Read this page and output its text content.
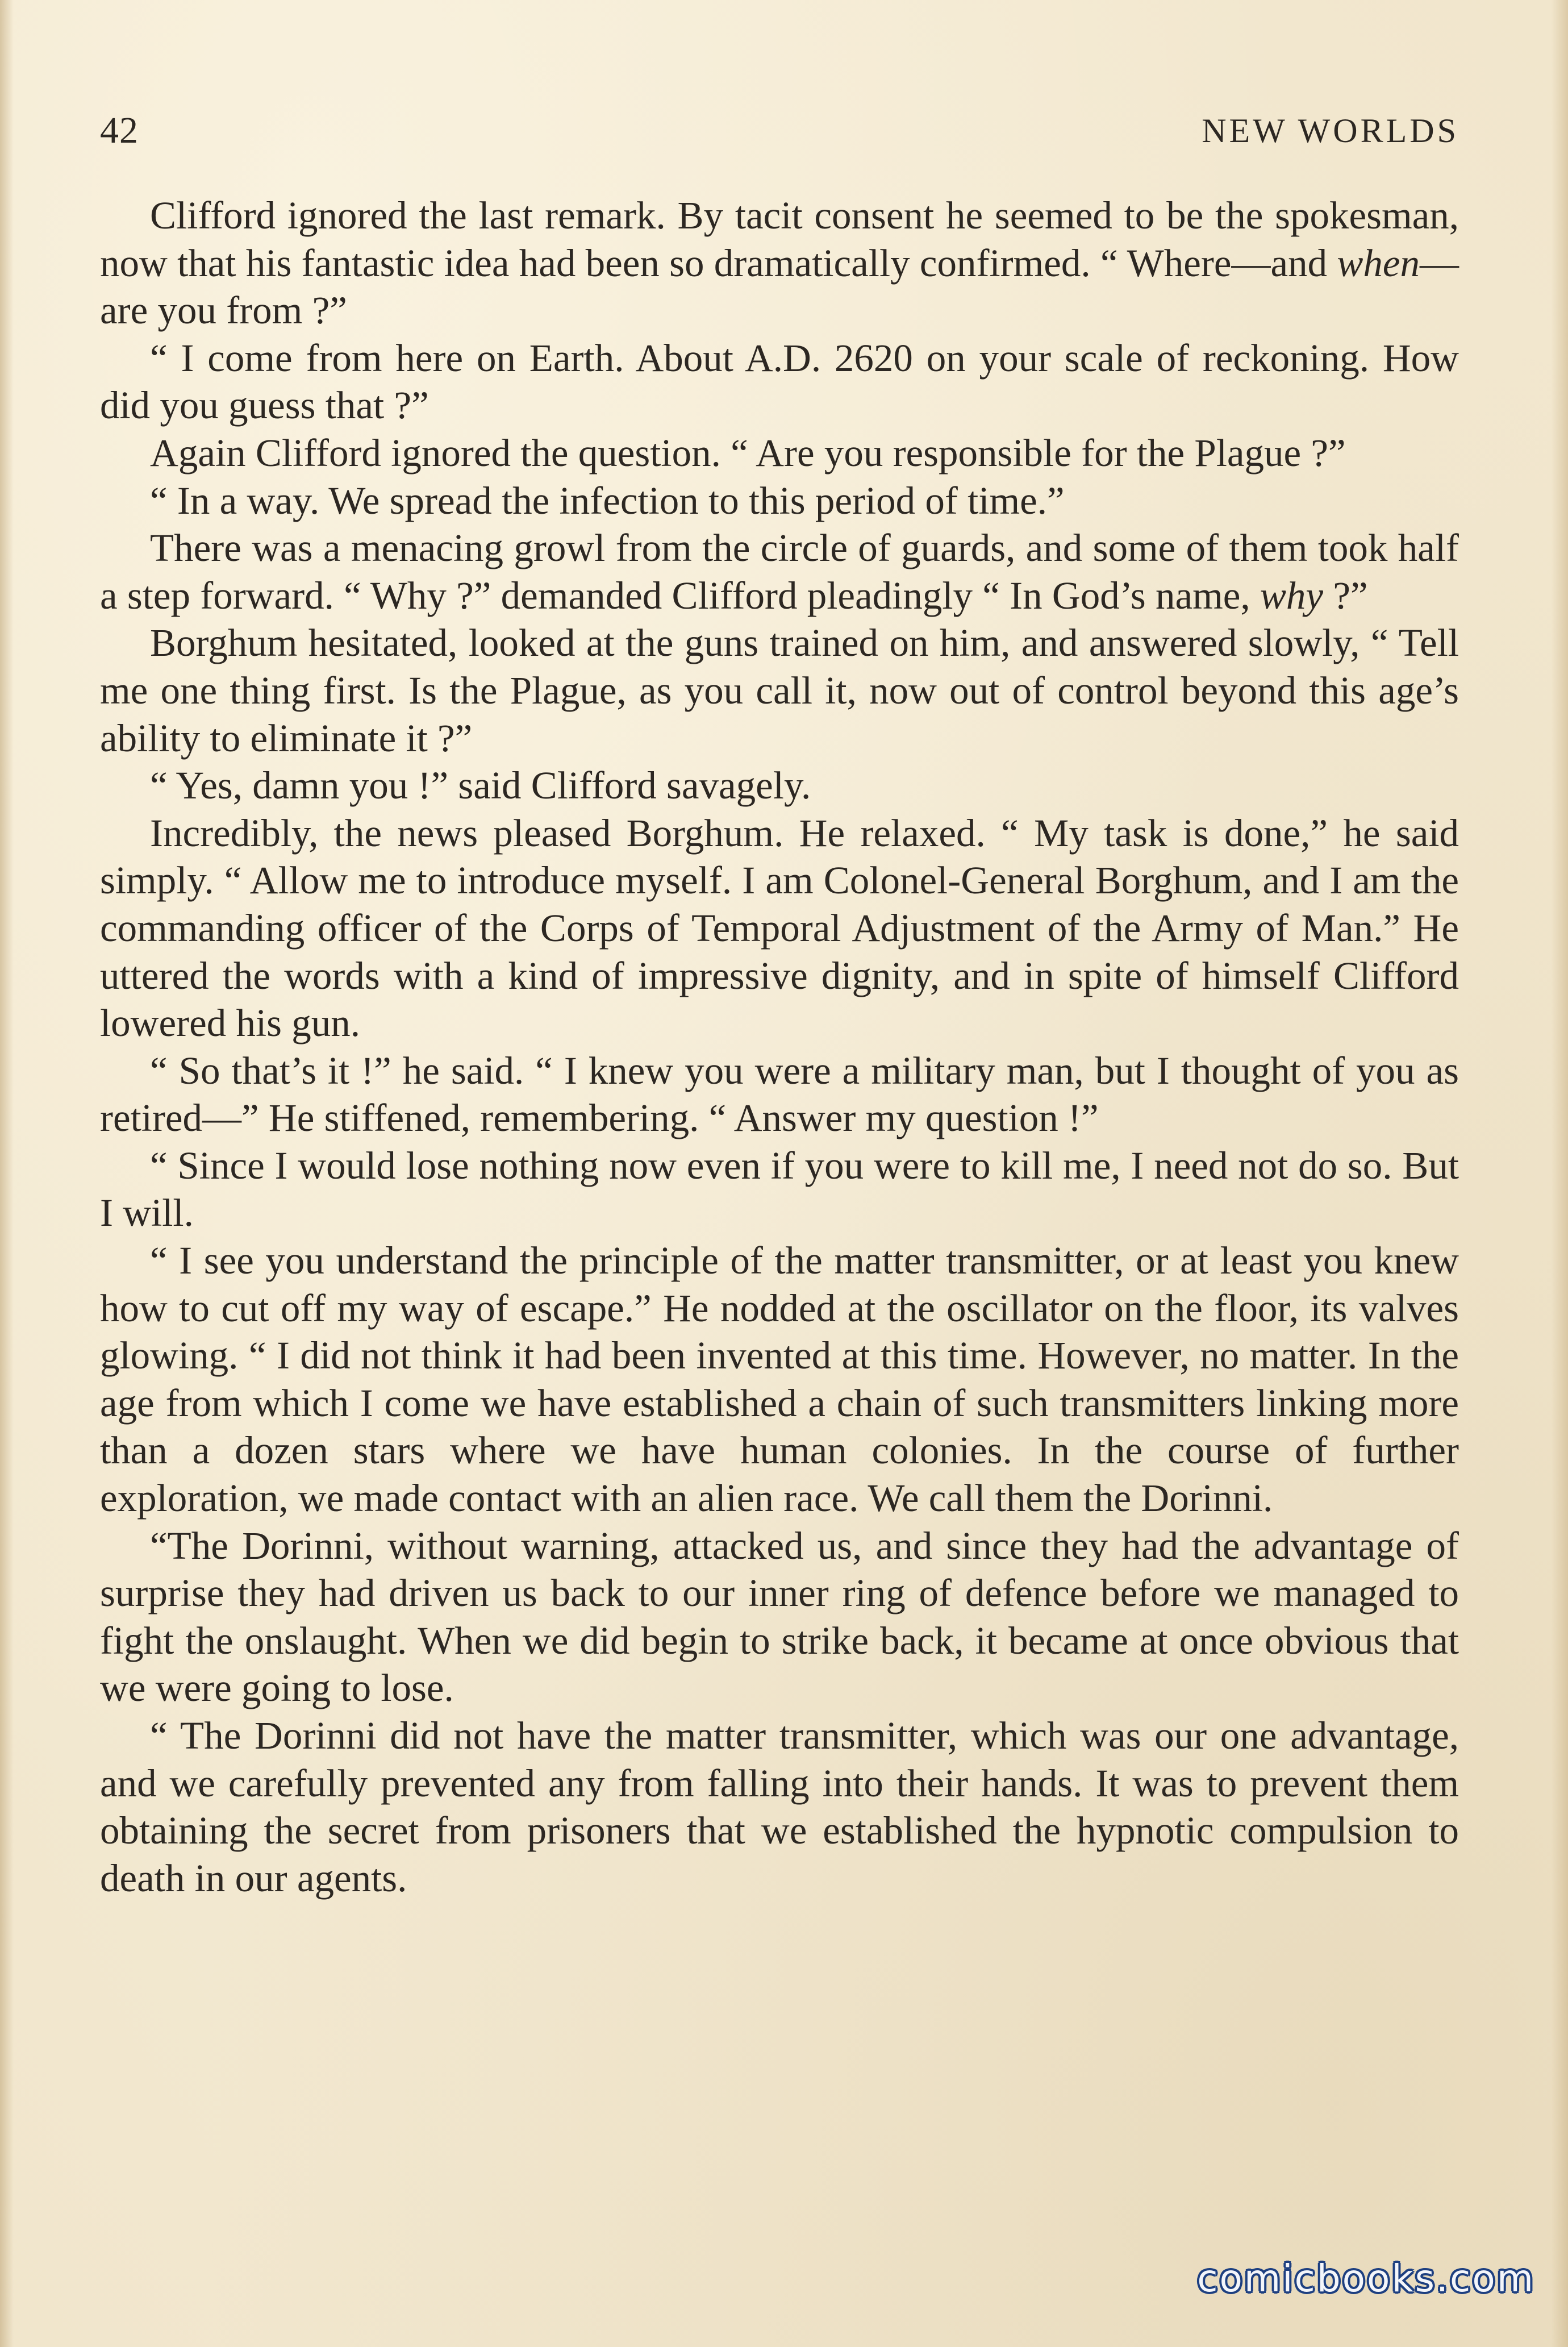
42	NEW WORLDS

Clifford ignored the last remark. By tacit consent he seemed to be the spokesman, now that his fantastic idea had been so dramatically confirmed. “ Where—and when—are you from ?”

“ I come from here on Earth. About A.D. 2620 on your scale of reckoning. How did you guess that ?”

Again Clifford ignored the question. “ Are you responsible for the Plague ?”

“ In a way. We spread the infection to this period of time.”

There was a menacing growl from the circle of guards, and some of them took half a step forward. “ Why ?” demanded Clifford pleadingly “ In God’s name, why ?”

Borghum hesitated, looked at the guns trained on him, and answered slowly, “ Tell me one thing first. Is the Plague, as you call it, now out of control beyond this age’s ability to eliminate it ?”

“ Yes, damn you !” said Clifford savagely.

Incredibly, the news pleased Borghum. He relaxed. “ My task is done,” he said simply. “ Allow me to introduce myself. I am Colonel-General Borghum, and I am the commanding officer of the Corps of Temporal Adjustment of the Army of Man.” He uttered the words with a kind of impressive dignity, and in spite of himself Clifford lowered his gun.

“ So that’s it !” he said. “ I knew you were a military man, but I thought of you as retired—” He stiffened, remembering. “ Answer my question !”

“ Since I would lose nothing now even if you were to kill me, I need not do so. But I will.

“ I see you understand the principle of the matter transmitter, or at least you knew how to cut off my way of escape.” He nodded at the oscillator on the floor, its valves glowing. “ I did not think it had been invented at this time. However, no matter. In the age from which I come we have established a chain of such transmitters linking more than a dozen stars where we have human colonies. In the course of further exploration, we made contact with an alien race. We call them the Dorinni.

“The Dorinni, without warning, attacked us, and since they had the advantage of surprise they had driven us back to our inner ring of defence before we managed to fight the onslaught. When we did begin to strike back, it became at once obvious that we were going to lose.

“ The Dorinni did not have the matter transmitter, which was our one advantage, and we carefully prevented any from falling into their hands. It was to prevent them obtaining the secret from prisoners that we established the hypnotic compulsion to death in our agents.

comicbooks.com
